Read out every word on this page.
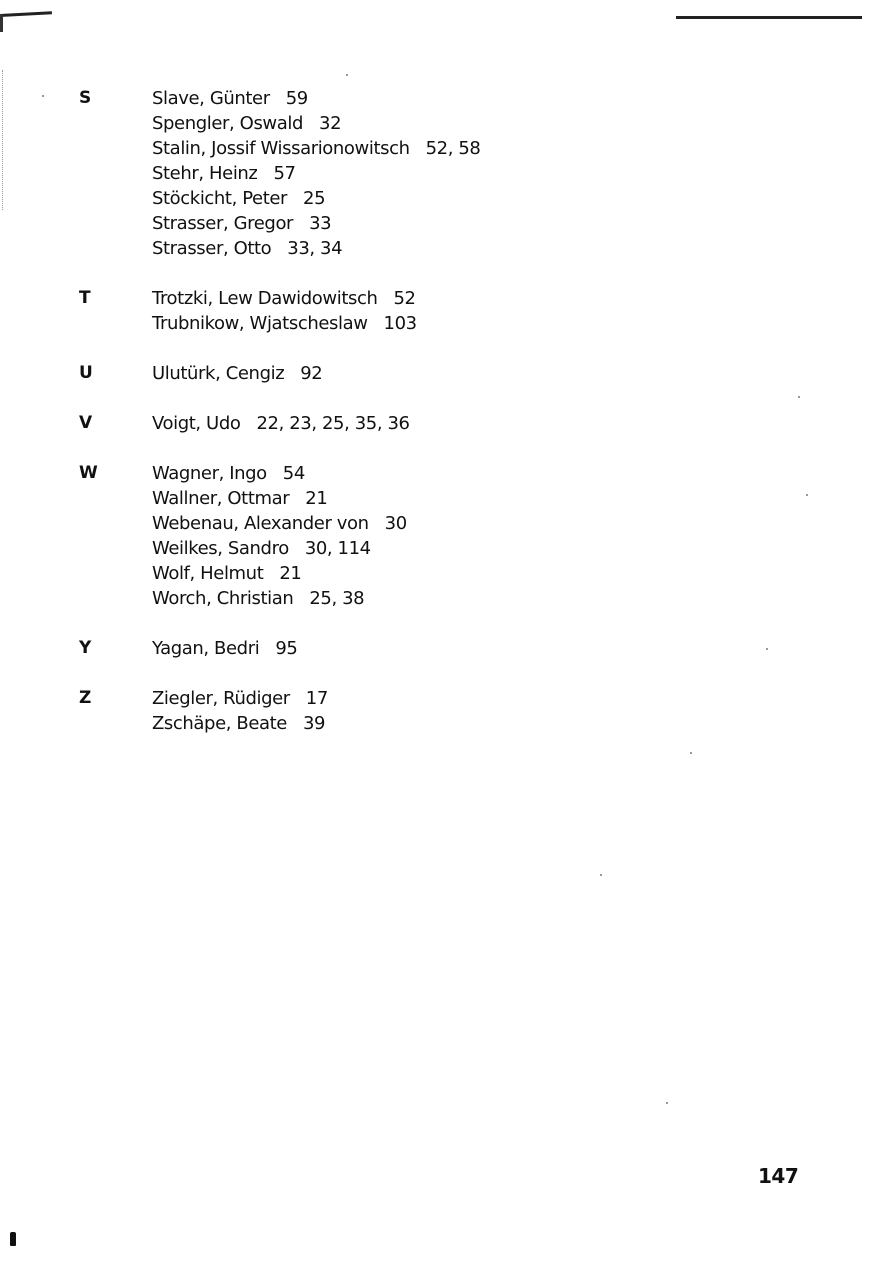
S	Slave, Günter 59
Spengler, Oswald 32
Stalin, Jossif Wissarionowitsch 52, 58
Stehr, Heinz 57
Stöckicht, Peter 25
Strasser, Gregor 33
Strasser, Otto 33, 34
T	Trotzki, Lew Dawidowitsch 52
Trubnikow, Wjatscheslaw 103
U	Ulutürk, Cengiz 92
V	Voigt, Udo 22, 23, 25, 35, 36
W	Wagner, Ingo 54
Wallner, Ottmar 21
Webenau, Alexander von 30
Weilkes, Sandro 30, 114
Wolf, Helmut 21
Worch, Christian 25, 38
Y	Yagan, Bedri 95
Z	Ziegler, Rüdiger 17
Zschäpe, Beate 39
147
